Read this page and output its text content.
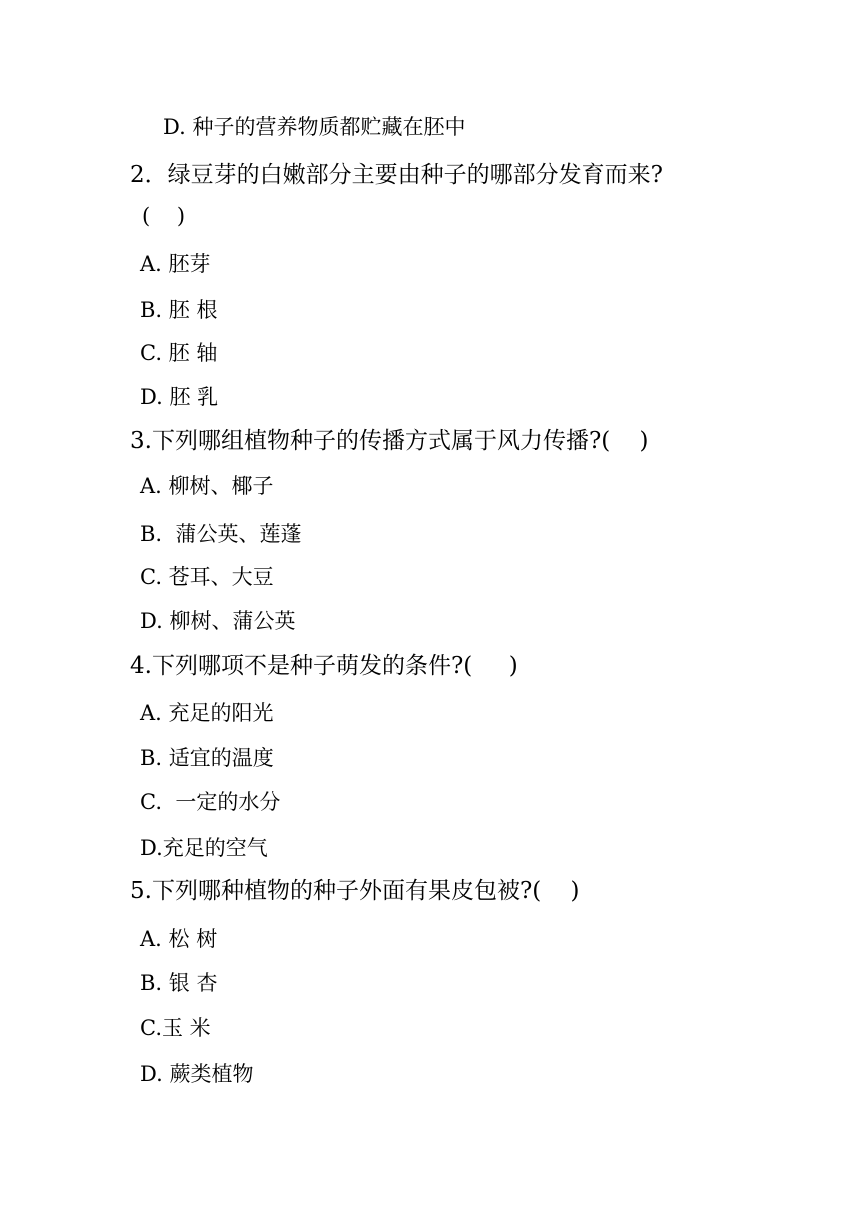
D. 种子的营养物质都贮藏在胚中
2．绿豆芽的白嫩部分主要由种子的哪部分发育而来?
(    )
A. 胚芽
B. 胚 根
C. 胚 轴
D. 胚 乳
3.下列哪组植物种子的传播方式属于风力传播?(    )
A. 柳树、椰子
B.  蒲公英、莲蓬
C. 苍耳、大豆
D. 柳树、蒲公英
4.下列哪项不是种子萌发的条件?(     )
A. 充足的阳光
B. 适宜的温度
C.  一定的水分
D.充足的空气
5.下列哪种植物的种子外面有果皮包被?(    )
A. 松 树
B. 银 杏
C.玉 米
D. 蕨类植物
